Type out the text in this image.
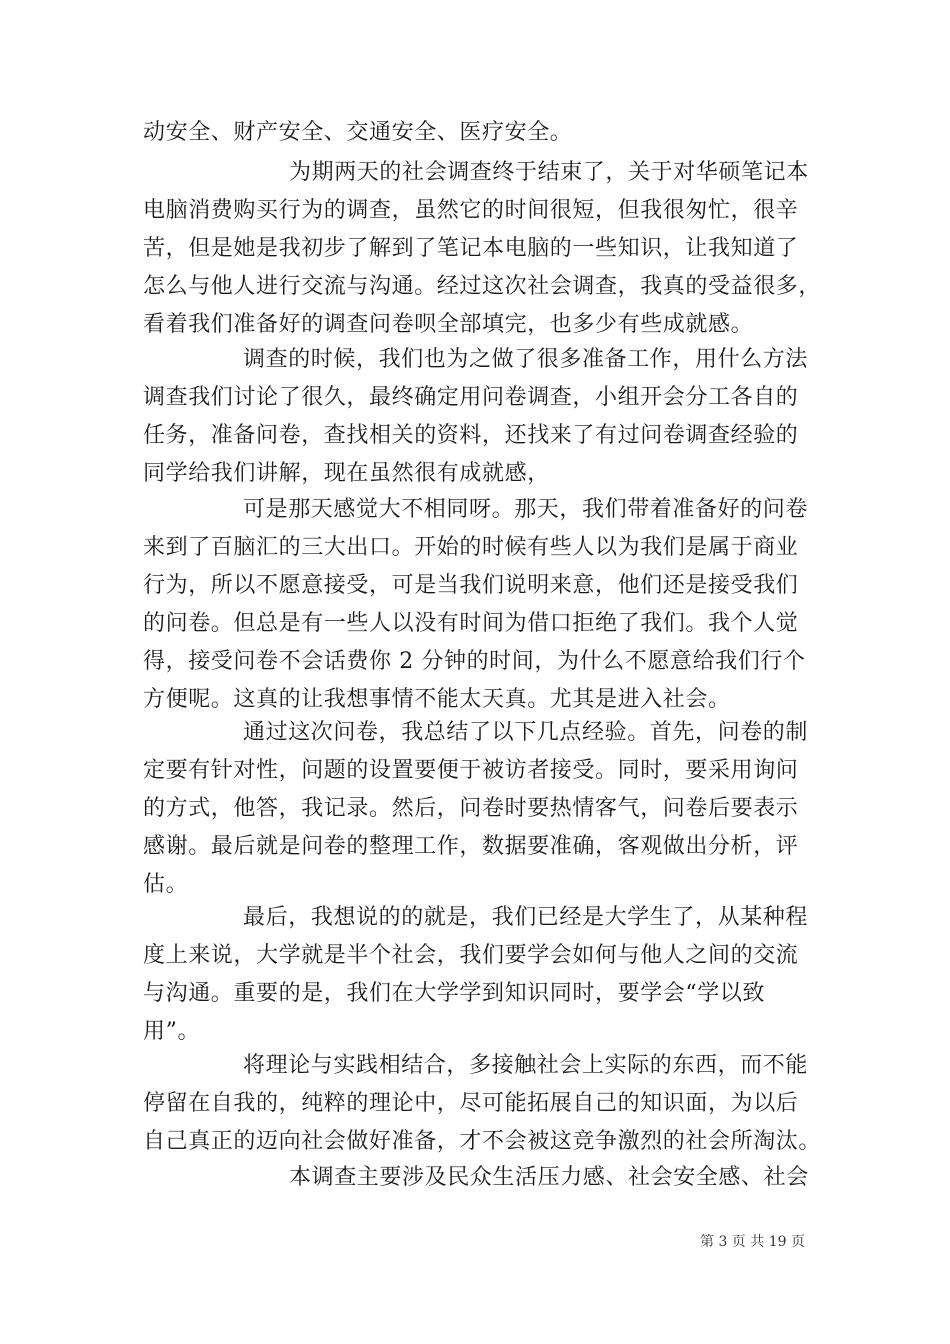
动安全、财产安全、交通安全、医疗安全。
为期两天的社会调查终于结束了，关于对华硕笔记本
电脑消费购买行为的调查，虽然它的时间很短，但我很匆忙，很辛
苦，但是她是我初步了解到了笔记本电脑的一些知识，让我知道了
怎么与他人进行交流与沟通。经过这次社会调查，我真的受益很多，
看着我们准备好的调查问卷呗全部填完，也多少有些成就感。
调查的时候，我们也为之做了很多准备工作，用什么方法
调查我们讨论了很久，最终确定用问卷调查，小组开会分工各自的
任务，准备问卷，查找相关的资料，还找来了有过问卷调查经验的
同学给我们讲解，现在虽然很有成就感，
可是那天感觉大不相同呀。那天，我们带着准备好的问卷
来到了百脑汇的三大出口。开始的时候有些人以为我们是属于商业
行为，所以不愿意接受，可是当我们说明来意，他们还是接受我们
的问卷。但总是有一些人以没有时间为借口拒绝了我们。我个人觉
得，接受问卷不会话费你 2 分钟的时间，为什么不愿意给我们行个
方便呢。这真的让我想事情不能太天真。尤其是进入社会。
通过这次问卷，我总结了以下几点经验。首先，问卷的制
定要有针对性，问题的设置要便于被访者接受。同时，要采用询问
的方式，他答，我记录。然后，问卷时要热情客气，问卷后要表示
感谢。最后就是问卷的整理工作，数据要准确，客观做出分析，评
估。
最后，我想说的的就是，我们已经是大学生了，从某种程
度上来说，大学就是半个社会，我们要学会如何与他人之间的交流
与沟通。重要的是，我们在大学学到知识同时，要学会“学以致
用”。
将理论与实践相结合，多接触社会上实际的东西，而不能
停留在自我的，纯粹的理论中，尽可能拓展自己的知识面，为以后
自己真正的迈向社会做好准备，才不会被这竞争激烈的社会所淘汰。
本调查主要涉及民众生活压力感、社会安全感、社会
第 3 页 共 19 页
